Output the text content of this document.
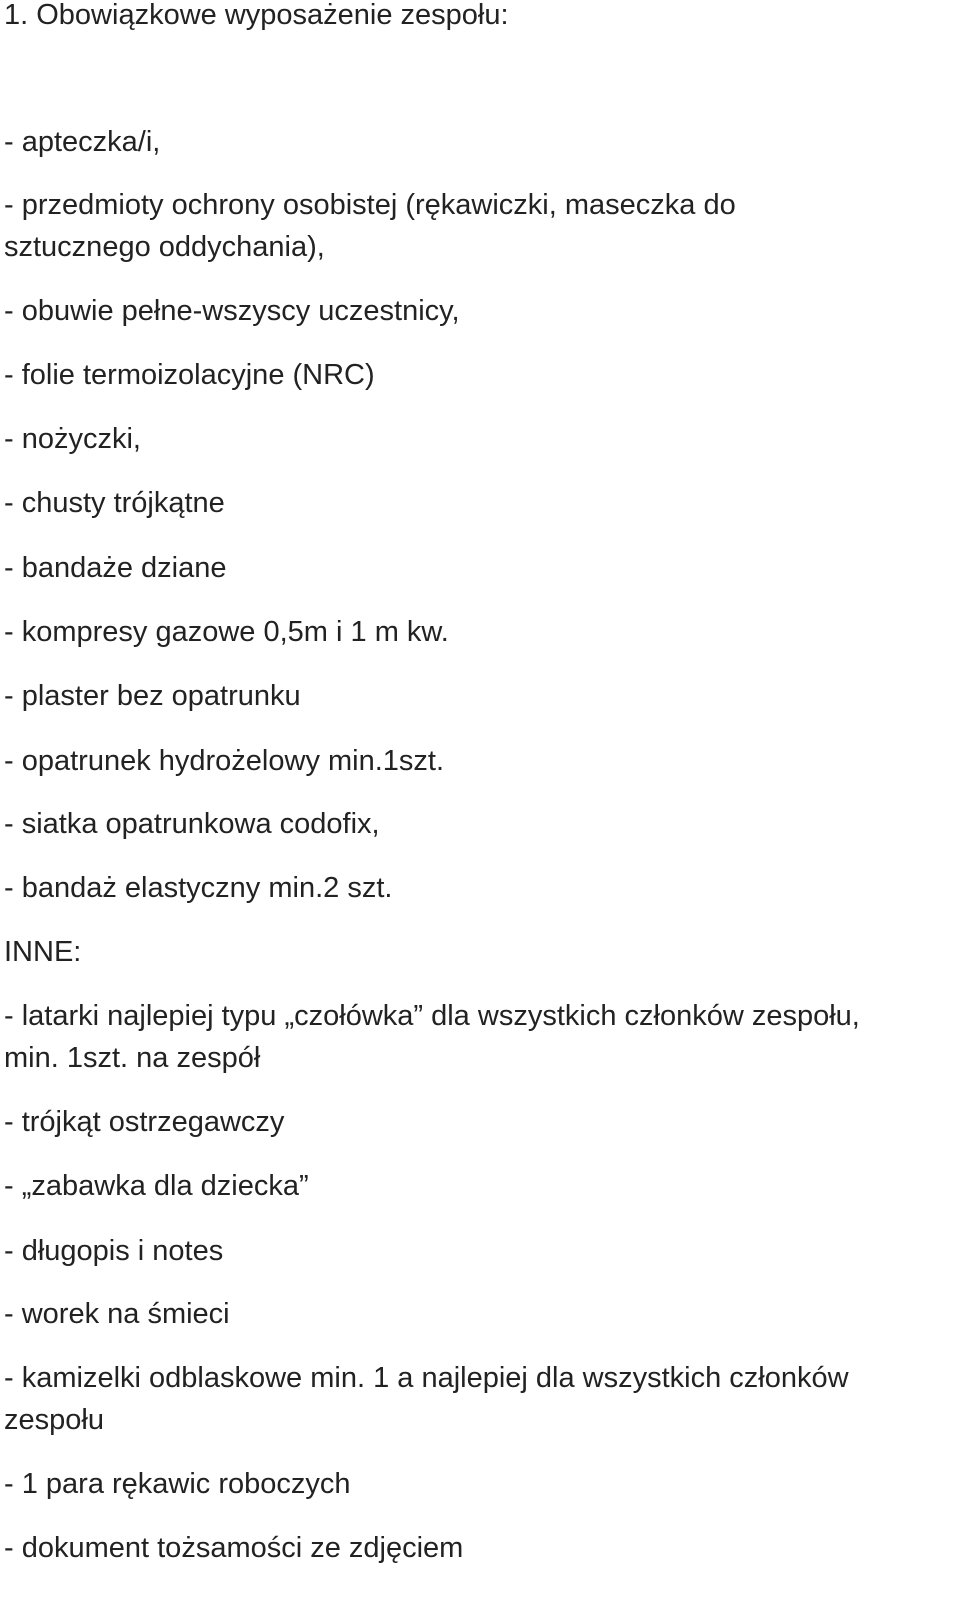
1. Obowiązkowe wyposażenie zespołu:

- apteczka/i,

- przedmioty ochrony osobistej (rękawiczki, maseczka do

sztucznego oddychania),

- obuwie pełne-wszyscy uczestnicy,

- folie termoizolacyjne (NRC)

- nożyczki,

- chusty trójkątne

- bandaże dziane

- kompresy gazowe 0,5m i 1 m kw.

- plaster bez opatrunku

- opatrunek hydrożelowy min.1szt.

- siatka opatrunkowa codofix,

- bandaż elastyczny min.2 szt.

INNE:

- latarki najlepiej typu „czołówka” dla wszystkich członków zespołu,

min. 1szt. na zespół

- trójkąt ostrzegawczy

- „zabawka dla dziecka”

- długopis i notes

- worek na śmieci

- kamizelki odblaskowe min. 1 a najlepiej dla wszystkich członków

zespołu

- 1 para rękawic roboczych

- dokument tożsamości ze zdjęciem
